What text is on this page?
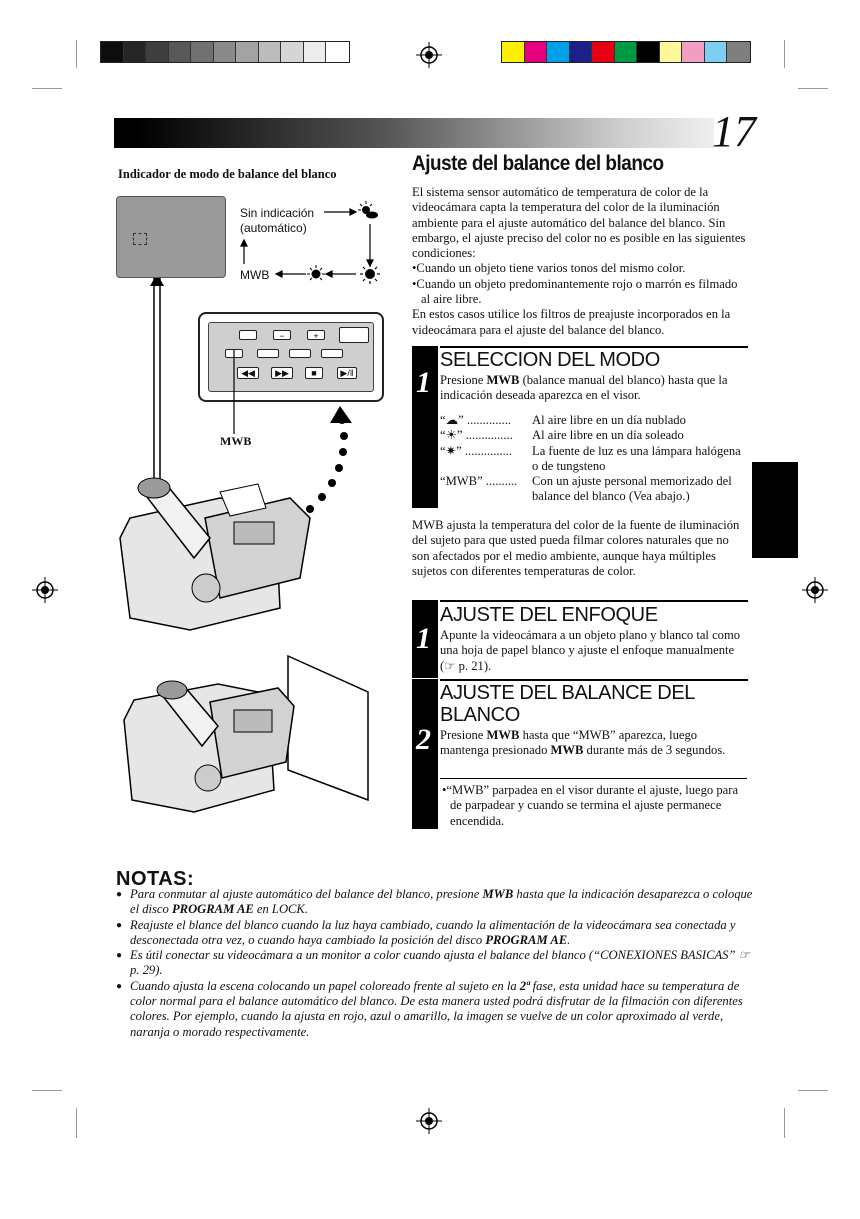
17
Indicador de modo de balance del blanco
Sin indicación
(automático)
MWB
−	+
◀◀	▶▶	■	▶/‖
MWB
Ajuste del balance del blanco
El sistema sensor automático de temperatura de color de la videocámara capta la temperatura del color de la iluminación ambiente para el ajuste automático del balance del blanco. Sin embargo, el ajuste preciso del color no es posible en las siguientes condiciones:
•Cuando un objeto tiene varios tonos del mismo color.
•Cuando un objeto predominantemente rojo o marrón es filmado al aire libre.
En estos casos utilice los filtros de preajuste incorporados en la videocámara para el ajuste del balance del blanco.
1
SELECCION DEL MODO
Presione MWB (balance manual del blanco) hasta que la indicación deseada aparezca en el visor.
“☁” ..............	Al aire libre en un día nublado
“☀” ...............	Al aire libre en un día soleado
“✷” ...............	La fuente de luz es una lámpara halógena o de tungsteno
“MWB” ..........	Con un ajuste personal memorizado del balance del blanco (Vea abajo.)
MWB ajusta la temperatura del color de la fuente de iluminación del sujeto para que usted pueda filmar colores naturales que no son afectados por el medio ambiente, aunque haya múltiples sujetos con diferentes temperaturas de color.
1
AJUSTE DEL ENFOQUE
Apunte la videocámara a un objeto plano y blanco tal como una hoja de papel blanco y ajuste el enfoque manualmente (☞ p. 21).
2
AJUSTE DEL BALANCE DEL
BLANCO
Presione MWB hasta que “MWB” aparezca, luego mantenga presionado MWB durante más de 3 segundos.
•“MWB” parpadea en el visor durante el ajuste, luego para de parpadear y cuando se termina el ajuste permanece encendida.
NOTAS:
● Para conmutar al ajuste automático del balance del blanco, presione MWB hasta que la indicación desaparezca o coloque el disco PROGRAM AE en LOCK.
● Reajuste el blance del blanco cuando la luz haya cambiado, cuando la alimentación de la videocámara sea conectada y desconectada otra vez, o cuando haya cambiado la posición del disco PROGRAM AE.
● Es útil conectar su videocámara a un monitor a color cuando ajusta el balance del blanco (“CONEXIONES BASICAS” ☞ p. 29).
● Cuando ajusta la escena colocando un papel coloreado frente al sujeto en la 2ª fase, esta unidad hace su temperatura de color normal para el balance automático del blanco. De esta manera usted podrá disfrutar de la filmación con diferentes colores. Por ejemplo, cuando la ajusta en rojo, azul o amarillo, la imagen se vuelve de un color aproximado al verde, naranja o morado respectivamente.
